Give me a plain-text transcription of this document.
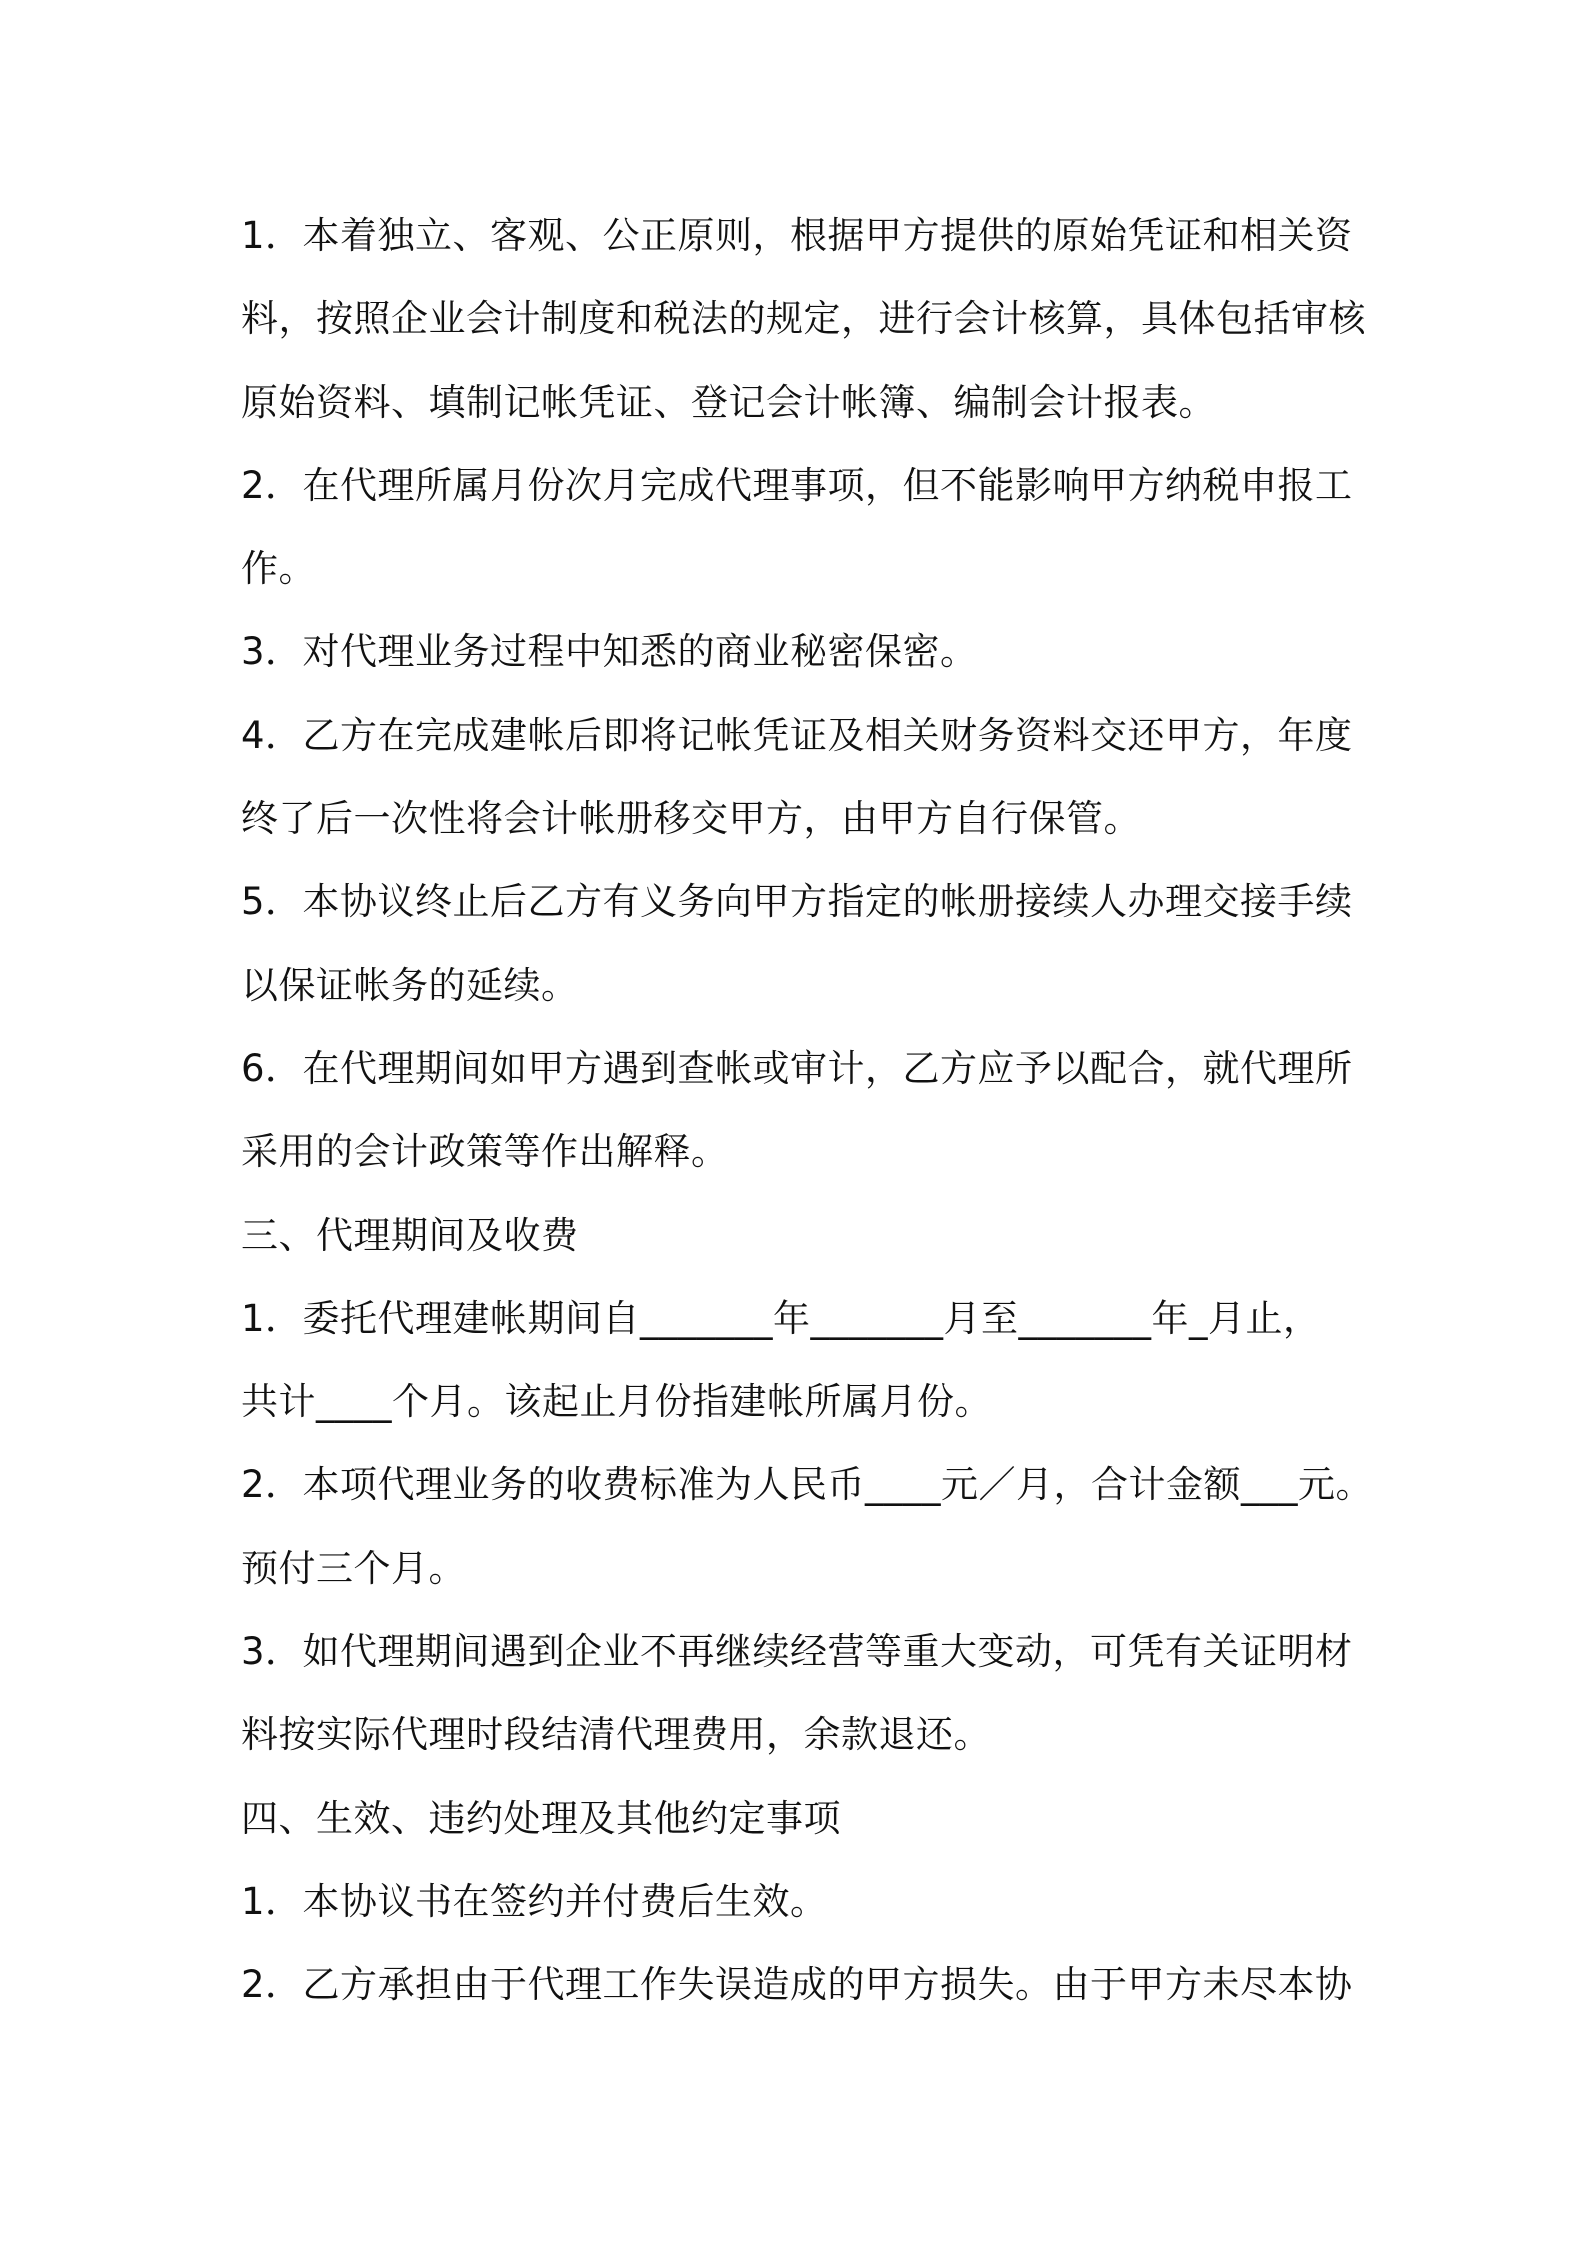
1．本着独立、客观、公正原则，根据甲方提供的原始凭证和相关资
料，按照企业会计制度和税法的规定，进行会计核算，具体包括审核
原始资料、填制记帐凭证、登记会计帐簿、编制会计报表。
2．在代理所属月份次月完成代理事项，但不能影响甲方纳税申报工
作。
3．对代理业务过程中知悉的商业秘密保密。
4．乙方在完成建帐后即将记帐凭证及相关财务资料交还甲方，年度
终了后一次性将会计帐册移交甲方，由甲方自行保管。
5．本协议终止后乙方有义务向甲方指定的帐册接续人办理交接手续
以保证帐务的延续。
6．在代理期间如甲方遇到查帐或审计，乙方应予以配合，就代理所
采用的会计政策等作出解释。
三、代理期间及收费
1．委托代理建帐期间自_______年_______月至_______年_月止，
共计____个月。该起止月份指建帐所属月份。
2．本项代理业务的收费标准为人民币____元／月，合计金额___元。
预付三个月。
3．如代理期间遇到企业不再继续经营等重大变动，可凭有关证明材
料按实际代理时段结清代理费用，余款退还。
四、生效、违约处理及其他约定事项
1．本协议书在签约并付费后生效。
2．乙方承担由于代理工作失误造成的甲方损失。由于甲方未尽本协
